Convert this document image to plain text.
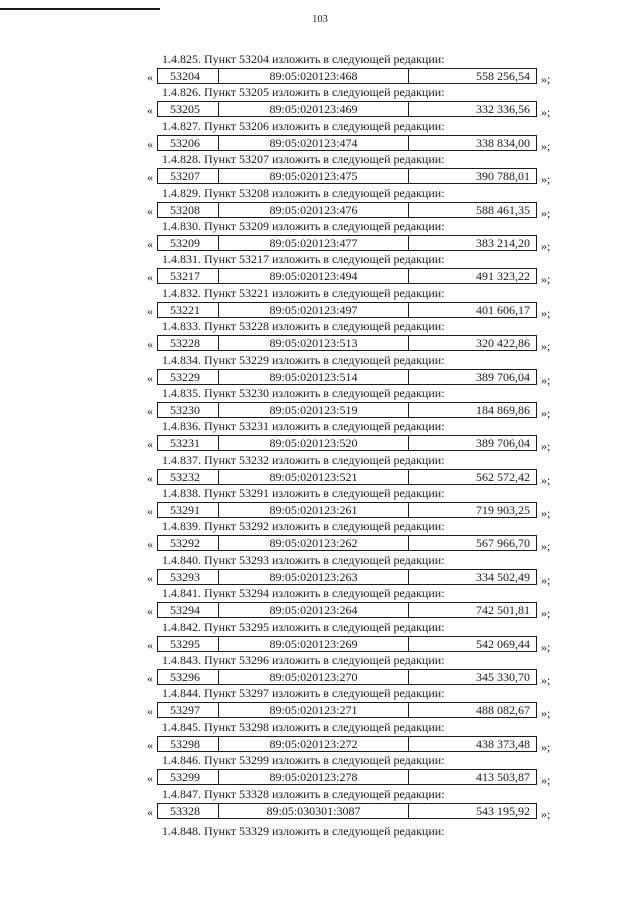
103
1.4.825. Пункт 53204 изложить в следующей редакции:
«	53204	89:05:020123:468	558 256,54 »;
1.4.826. Пункт 53205 изложить в следующей редакции:
«	53205	89:05:020123:469	332 336,56 »;
1.4.827. Пункт 53206 изложить в следующей редакции:
«	53206	89:05:020123:474	338 834,00 »;
1.4.828. Пункт 53207 изложить в следующей редакции:
«	53207	89:05:020123:475	390 788,01 »;
1.4.829. Пункт 53208 изложить в следующей редакции:
«	53208	89:05:020123:476	588 461,35 »;
1.4.830. Пункт 53209 изложить в следующей редакции:
«	53209	89:05:020123:477	383 214,20 »;
1.4.831. Пункт 53217 изложить в следующей редакции:
«	53217	89:05:020123:494	491 323,22 »;
1.4.832. Пункт 53221 изложить в следующей редакции:
«	53221	89:05:020123:497	401 606,17 »;
1.4.833. Пункт 53228 изложить в следующей редакции:
«	53228	89:05:020123:513	320 422,86 »;
1.4.834. Пункт 53229 изложить в следующей редакции:
«	53229	89:05:020123:514	389 706,04 »;
1.4.835. Пункт 53230 изложить в следующей редакции:
«	53230	89:05:020123:519	184 869,86 »;
1.4.836. Пункт 53231 изложить в следующей редакции:
«	53231	89:05:020123:520	389 706,04 »;
1.4.837. Пункт 53232 изложить в следующей редакции:
«	53232	89:05:020123:521	562 572,42 »;
1.4.838. Пункт 53291 изложить в следующей редакции:
«	53291	89:05:020123:261	719 903,25 »;
1.4.839. Пункт 53292 изложить в следующей редакции:
«	53292	89:05:020123:262	567 966,70 »;
1.4.840. Пункт 53293 изложить в следующей редакции:
«	53293	89:05:020123:263	334 502,49 »;
1.4.841. Пункт 53294 изложить в следующей редакции:
«	53294	89:05:020123:264	742 501,81 »;
1.4.842. Пункт 53295 изложить в следующей редакции:
«	53295	89:05:020123:269	542 069,44 »;
1.4.843. Пункт 53296 изложить в следующей редакции:
«	53296	89:05:020123:270	345 330,70 »;
1.4.844. Пункт 53297 изложить в следующей редакции:
«	53297	89:05:020123:271	488 082,67 »;
1.4.845. Пункт 53298 изложить в следующей редакции:
«	53298	89:05:020123:272	438 373,48 »;
1.4.846. Пункт 53299 изложить в следующей редакции:
«	53299	89:05:020123:278	413 503,87 »;
1.4.847. Пункт 53328 изложить в следующей редакции:
«	53328	89:05:030301:3087	543 195,92 »;
1.4.848. Пункт 53329 изложить в следующей редакции:
